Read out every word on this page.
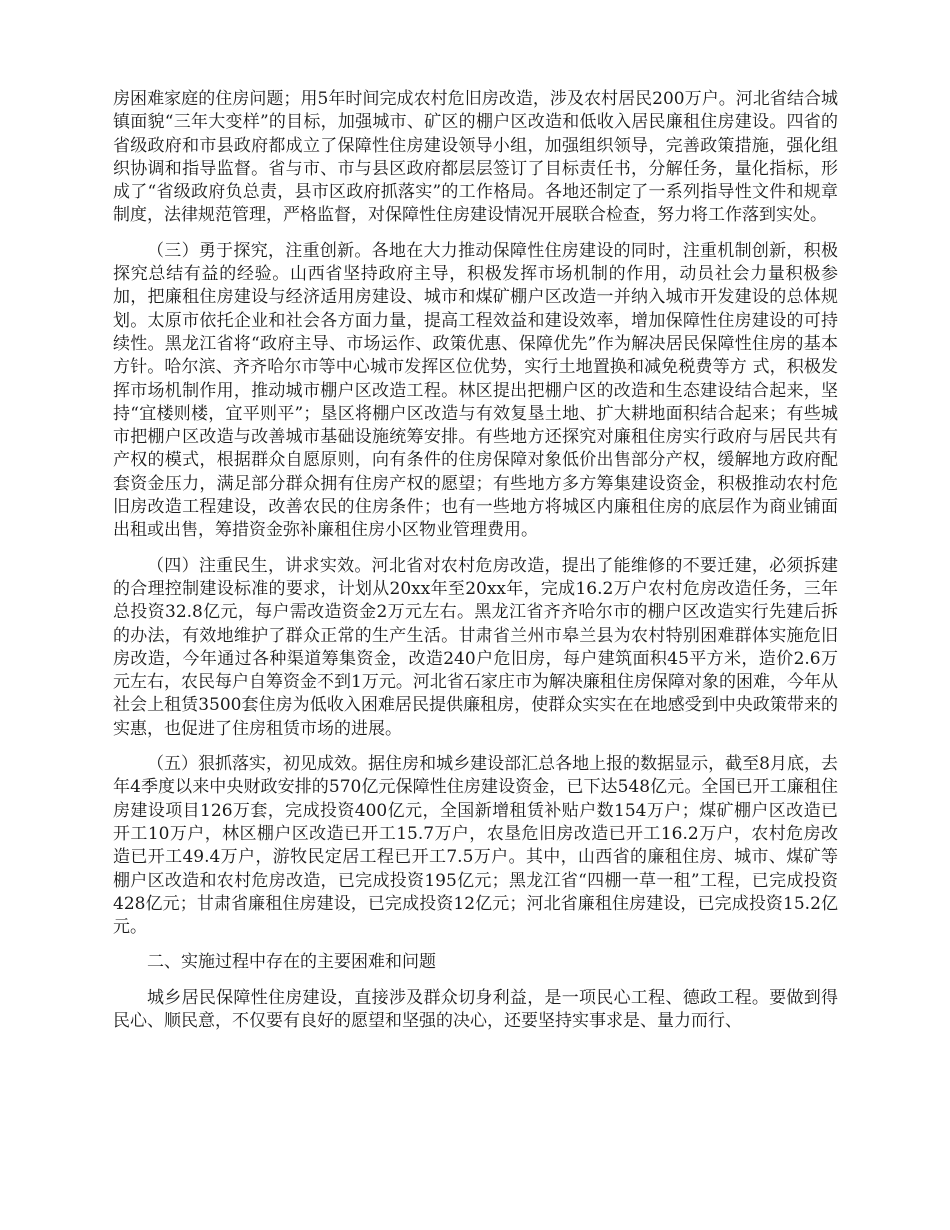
房困难家庭的住房问题；用5年时间完成农村危旧房改造，涉及农村居民200万户。河北省结合城镇面貌“三年大变样”的目标，加强城市、矿区的棚户区改造和低收入居民廉租住房建设。四省的省级政府和市县政府都成立了保障性住房建设领导小组，加强组织领导，完善政策措施，强化组织协调和指导监督。省与市、市与县区政府都层层签订了目标责任书，分解任务，量化指标，形成了“省级政府负总责，县市区政府抓落实”的工作格局。各地还制定了一系列指导性文件和规章制度，法律规范管理，严格监督，对保障性住房建设情况开展联合检查，努力将工作落到实处。

（三）勇于探究，注重创新。各地在大力推动保障性住房建设的同时，注重机制创新，积极探究总结有益的经验。山西省坚持政府主导，积极发挥市场机制的作用，动员社会力量积极参加，把廉租住房建设与经济适用房建设、城市和煤矿棚户区改造一并纳入城市开发建设的总体规划。太原市依托企业和社会各方面力量，提高工程效益和建设效率，增加保障性住房建设的可持续性。黑龙江省将“政府主导、市场运作、政策优惠、保障优先”作为解决居民保障性住房的基本方针。哈尔滨、齐齐哈尔市等中心城市发挥区位优势，实行土地置换和减免税费等方 式，积极发挥市场机制作用，推动城市棚户区改造工程。林区提出把棚户区的改造和生态建设结合起来，坚持“宜楼则楼，宜平则平”；垦区将棚户区改造与有效复垦土地、扩大耕地面积结合起来；有些城市把棚户区改造与改善城市基础设施统筹安排。有些地方还探究对廉租住房实行政府与居民共有产权的模式，根据群众自愿原则，向有条件的住房保障对象低价出售部分产权，缓解地方政府配套资金压力，满足部分群众拥有住房产权的愿望；有些地方多方筹集建设资金，积极推动农村危旧房改造工程建设，改善农民的住房条件；也有一些地方将城区内廉租住房的底层作为商业铺面出租或出售，筹措资金弥补廉租住房小区物业管理费用。

（四）注重民生，讲求实效。河北省对农村危房改造，提出了能维修的不要迁建，必须拆建的合理控制建设标准的要求，计划从20xx年至20xx年，完成16.2万户农村危房改造任务，三年总投资32.8亿元，每户需改造资金2万元左右。黑龙江省齐齐哈尔市的棚户区改造实行先建后拆的办法，有效地维护了群众正常的生产生活。甘肃省兰州市皋兰县为农村特别困难群体实施危旧房改造，今年通过各种渠道筹集资金，改造240户危旧房，每户建筑面积45平方米，造价2.6万元左右，农民每户自筹资金不到1万元。河北省石家庄市为解决廉租住房保障对象的困难，今年从社会上租赁3500套住房为低收入困难居民提供廉租房，使群众实实在在地感受到中央政策带来的实惠，也促进了住房租赁市场的进展。

（五）狠抓落实，初见成效。据住房和城乡建设部汇总各地上报的数据显示，截至8月底，去年4季度以来中央财政安排的570亿元保障性住房建设资金，已下达548亿元。全国已开工廉租住房建设项目126万套，完成投资400亿元，全国新增租赁补贴户数154万户；煤矿棚户区改造已开工10万户，林区棚户区改造已开工15.7万户，农垦危旧房改造已开工16.2万户，农村危房改造已开工49.4万户，游牧民定居工程已开工7.5万户。其中，山西省的廉租住房、城市、煤矿等棚户区改造和农村危房改造，已完成投资195亿元；黑龙江省“四棚一草一租”工程，已完成投资428亿元；甘肃省廉租住房建设，已完成投资12亿元；河北省廉租住房建设，已完成投资15.2亿元。

二、实施过程中存在的主要困难和问题

城乡居民保障性住房建设，直接涉及群众切身利益，是一项民心工程、德政工程。要做到得民心、顺民意，不仅要有良好的愿望和坚强的决心，还要坚持实事求是、量力而行、
